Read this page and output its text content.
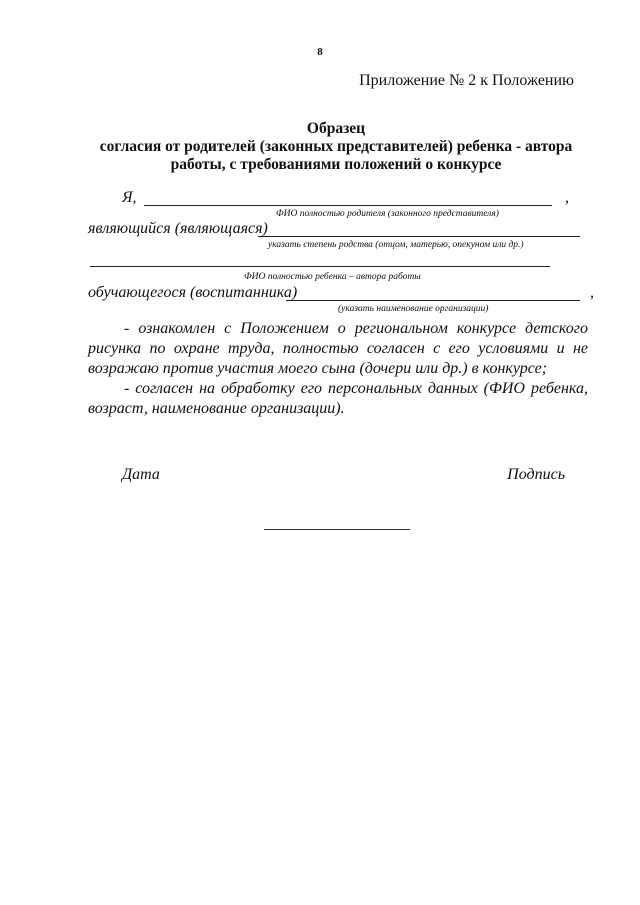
8
Приложение № 2 к Положению
Образец
согласия от родителей (законных представителей) ребенка - автора
работы, с требованиями положений о конкурсе
Я,	,
ФИО полностью родителя (законного представителя)
являющийся (являющаяся)
указать степень родства (отцом, матерью, опекуном или др.)
ФИО полностью ребенка – автора работы
обучающегося (воспитанника)	,
(указать наименование организации)
- ознакомлен с Положением о региональном конкурсе детского рисунка по охране труда, полностью согласен с его условиями и не возражаю против участия моего сына (дочери или др.) в конкурсе;
- согласен на обработку его персональных данных (ФИО ребенка, возраст, наименование организации).
Дата	Подпись
